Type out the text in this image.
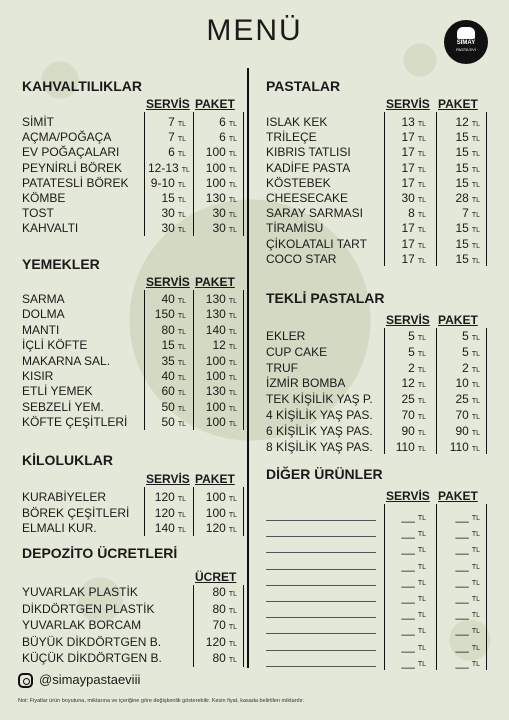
MENÜ	SİMAY
PASTA EVİ
KAHVALTILIKLAR
SERVİS PAKET
SİMİT	7 TL	6 TL
AÇMA/POĞAÇA	7 TL	6 TL
EV POĞAÇALARI	6 TL	100 TL
PEYNİRLİ BÖREK 12-13 TL	100 TL
PATATESLİ BÖREK 9-10 TL	100 TL
KÖMBE	15 TL	130 TL
TOST	30 TL	30 TL
KAHVALTI	30 TL	30 TL
YEMEKLER
SERVİS PAKET
SARMA	40 TL	130 TL
DOLMA	150 TL	130 TL
MANTI	80 TL	140 TL
İÇLİ KÖFTE	15 TL	12 TL
MAKARNA SAL.	35 TL	100 TL
KISIR	40 TL	100 TL
ETLİ YEMEK	60 TL	130 TL
SEBZELİ YEM.	50 TL	100 TL
KÖFTE ÇEŞİTLERİ	50 TL	100 TL
KİLOLUKLAR
SERVİS PAKET
KURABİYELER	120 TL	100 TL
BÖREK ÇEŞİTLERİ	120 TL	100 TL
ELMALI KUR.	140 TL	120 TL
DEPOZİTO ÜCRETLERİ
ÜCRET
YUVARLAK PLASTİK	80 TL
DİKDÖRTGEN PLASTİK	80 TL
YUVARLAK BORCAM	70 TL
BÜYÜK DİKDÖRTGEN B.	120 TL
KÜÇÜK DİKDÖRTGEN B.	80 TL
PASTALAR
SERVİS PAKET
ISLAK KEK	13 TL	12 TL
TRİLEÇE	17 TL	15 TL
KIBRIS TATLISI	17 TL	15 TL
KADİFE PASTA	17 TL	15 TL
KÖSTEBEK	17 TL	15 TL
CHEESECAKE	30 TL	28 TL
SARAY SARMASI	8 TL	7 TL
TİRAMİSU	17 TL	15 TL
ÇİKOLATALI TART	17 TL	15 TL
COCO STAR	17 TL	15 TL
TEKLİ PASTALAR
SERVİS PAKET
EKLER	5 TL	5 TL
CUP CAKE	5 TL	5 TL
TRUF	2 TL	2 TL
İZMİR BOMBA	12 TL	10 TL
TEK KİŞİLİK YAŞ P.	25 TL	25 TL
4 KİŞİLİK YAŞ PAS.	70 TL	70 TL
6 KİŞİLİK YAŞ PAS.	90 TL	90 TL
8 KİŞİLİK YAŞ PAS.	110 TL	110 TL
DİĞER ÜRÜNLER
SERVİS PAKET
__ TL	__ TL
__ TL	__ TL
__ TL	__ TL
__ TL	__ TL
__ TL	__ TL
__ TL	__ TL
__ TL	__ TL
__ TL	__ TL
__ TL	__ TL
__ TL	__ TL
@simaypastaeviii
Not: Fiyatlar ürün boyutuna, miktarına ve içeriğine göre değişkenlik gösterebilir. Kesin fiyat, kasada belirtilen miktardır.
